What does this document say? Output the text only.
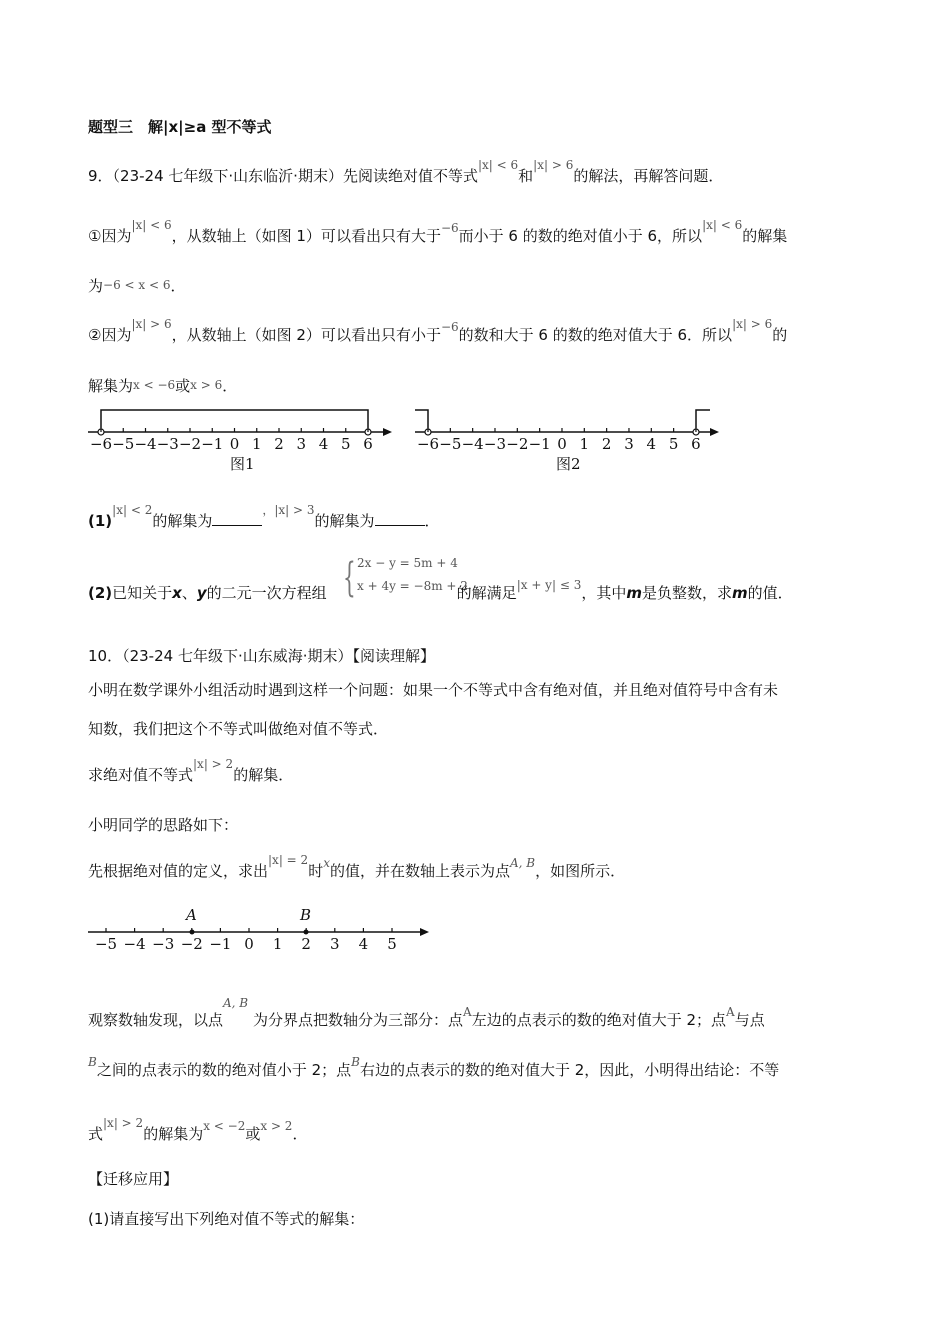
题型三　解|x|≥a 型不等式
9．（23-24 七年级下·山东临沂·期末）先阅读绝对值不等式|x| < 6和|x| > 6的解法，再解答问题．
①因为|x| < 6，从数轴上（如图 1）可以看出只有大于−6而小于 6 的数的绝对值小于 6，所以|x| < 6的解集
为−6 < x < 6．
②因为|x| > 6，从数轴上（如图 2）可以看出只有小于−6的数和大于 6 的数的绝对值大于 6．所以|x| > 6的
解集为x < −6或x > 6．
−6 −5 −4 −3 −2 −1 0 1 2 3 4 5 6
图1
−6 −5 −4 −3 −2 −1 0 1 2 3 4 5 6
图2
A	B
−5 −4 −3 −2 −1 0 1 2 3 4 5
(1)|x| < 2的解集为，|x| > 3的解集为	．
{ 2x − y = 5m + 4
x + 4y = −8m + 2
(2)已知关于x、y的二元一次方程组	的解满足|x + y| ≤ 3，其中m是负整数，求m的值．
10．（23-24 七年级下·山东威海·期末）【阅读理解】
小明在数学课外小组活动时遇到这样一个问题：如果一个不等式中含有绝对值，并且绝对值符号中含有未
知数，我们把这个不等式叫做绝对值不等式．
求绝对值不等式|x| > 2的解集．
小明同学的思路如下：
先根据绝对值的定义，求出|x| = 2时x的值，并在数轴上表示为点A, B，如图所示．
观察数轴发现，以点A, B为分界点把数轴分为三部分：点A左边的点表示的数的绝对值大于 2；点A与点
B之间的点表示的数的绝对值小于 2；点B右边的点表示的数的绝对值大于 2，因此，小明得出结论：不等
式|x| > 2的解集为x < −2或x > 2．
【迁移应用】
(1)请直接写出下列绝对值不等式的解集：
